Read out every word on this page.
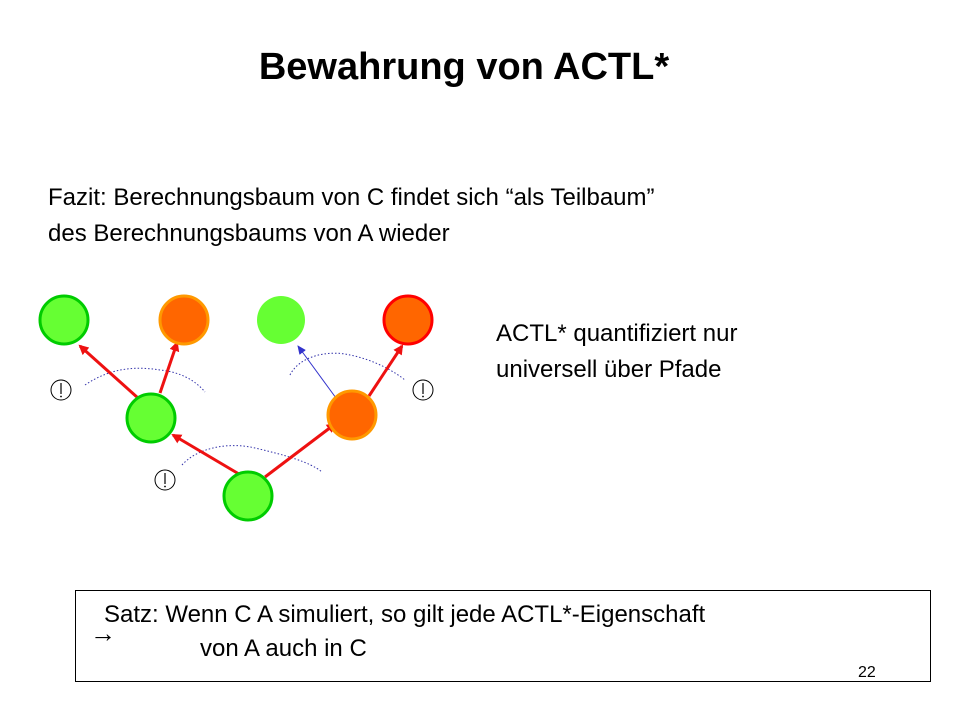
Bewahrung von ACTL*
Fazit: Berechnungsbaum von C findet sich “als Teilbaum”
des Berechnungsbaums von A wieder
ACTL* quantifiziert nur
universell über Pfade
→
Satz: Wenn C A simuliert, so gilt jede ACTL*-Eigenschaft
von A auch in C
22
